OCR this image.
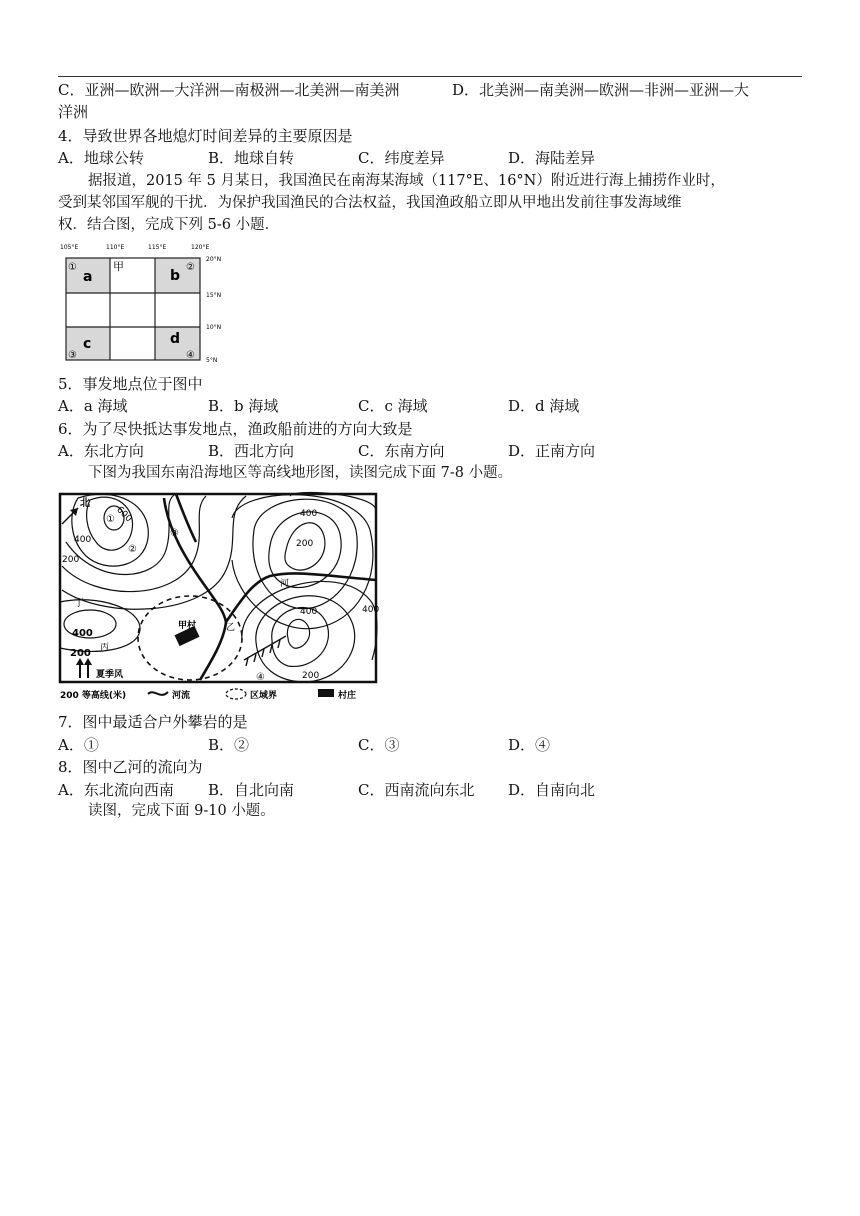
C．亚洲—欧洲—大洋洲—南极洲—北美洲—南美洲	D．北美洲—南美洲—欧洲—非洲—亚洲—大
洋洲
4．导致世界各地熄灯时间差异的主要原因是
A．地球公转	B．地球自转	C．纬度差异	D．海陆差异
据报道，2015 年 5 月某日，我国渔民在南海某海域（117°E、16°N）附近进行海上捕捞作业时，
受到某邻国军舰的干扰．为保护我国渔民的合法权益，我国渔政船立即从甲地出发前往事发海域维
权．结合图，完成下列 5-6 小题．
105°E	110°E	115°E	120°E
20°N
15°N
10°N
5°N
a	b
c	d
①	②
③	④
甲
5．事发地点位于图中
A．a 海域	B．b 海域	C．c 海域	D．d 海域
6．为了尽快抵达事发地点，渔政船前进的方向大致是
A．东北方向	B．西北方向	C．东南方向	D．正南方向
下图为我国东南沿海地区等高线地形图，读图完成下面 7-8 小题。
北
600
400
200
400
200
400
400
200
400
200
①
②
③
④
河
甲村	乙
丁
丙
夏季风
200 等高线(米)	河流	区域界	村庄
7．图中最适合户外攀岩的是
A．①	B．②	C．③	D．④
8．图中乙河的流向为
A．东北流向西南 B．自北向南	C．西南流向东北 D．自南向北
读图，完成下面 9-10 小题。
